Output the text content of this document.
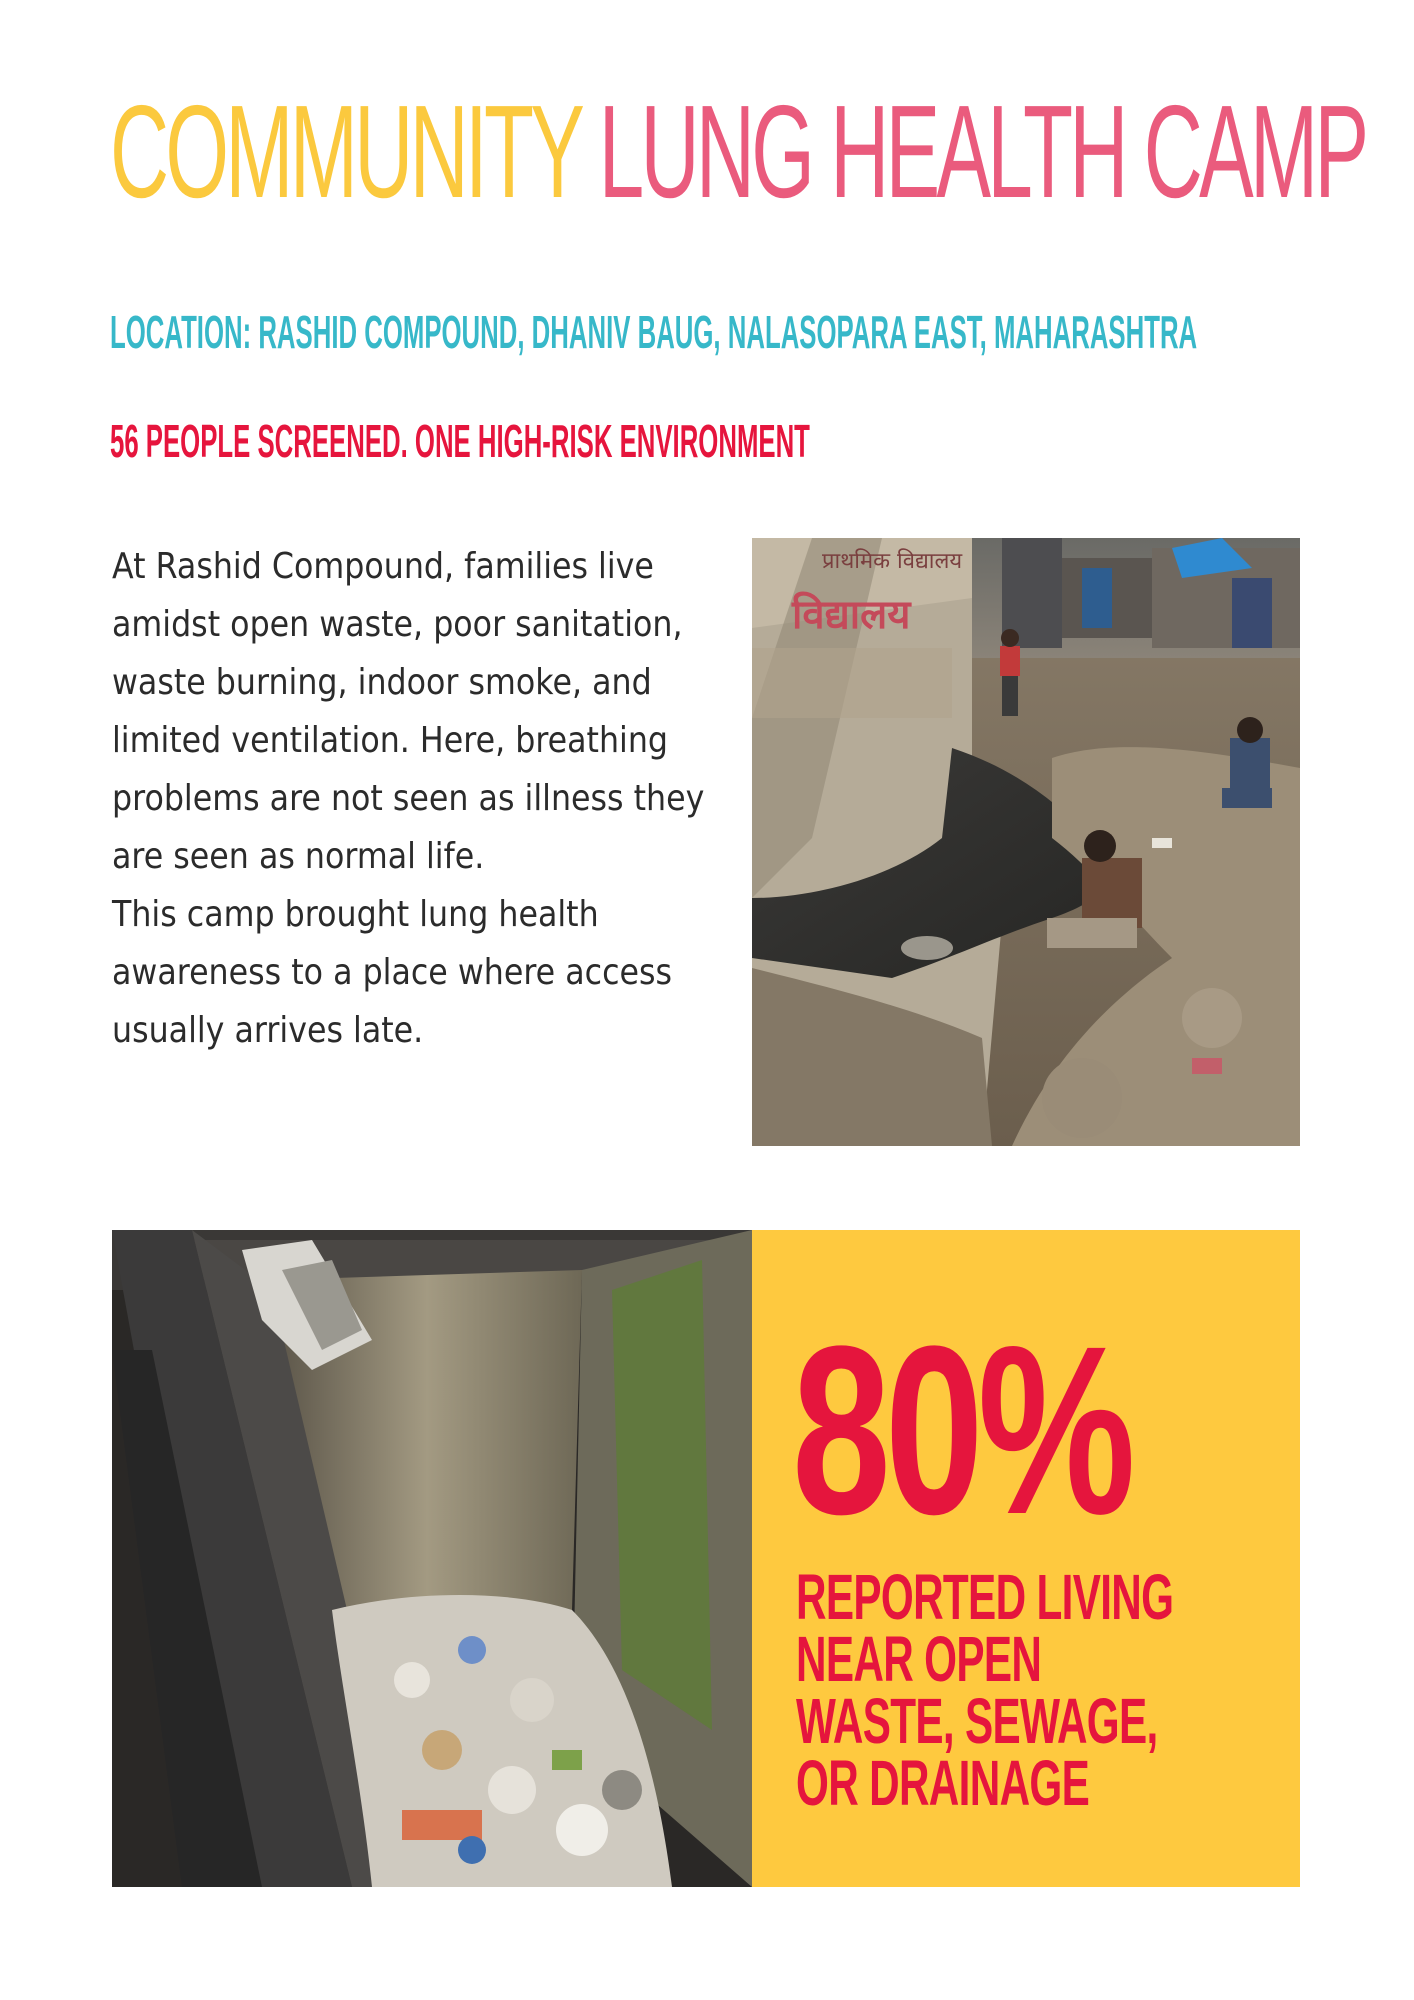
COMMUNITY LUNG HEALTH CAMP
LOCATION: RASHID COMPOUND, DHANIV BAUG, NALASOPARA EAST, MAHARASHTRA
56 PEOPLE SCREENED. ONE HIGH-RISK ENVIRONMENT

At Rashid Compound, families live amidst open waste, poor sanitation, waste burning, indoor smoke, and limited ventilation. Here, breathing problems are not seen as illness they are seen as normal life.

This camp brought lung health awareness to a place where access usually arrives late.

प्राथमिक विद्यालय
विद्यालय
80%
REPORTED LIVING NEAR OPEN WASTE, SEWAGE, OR DRAINAGE
